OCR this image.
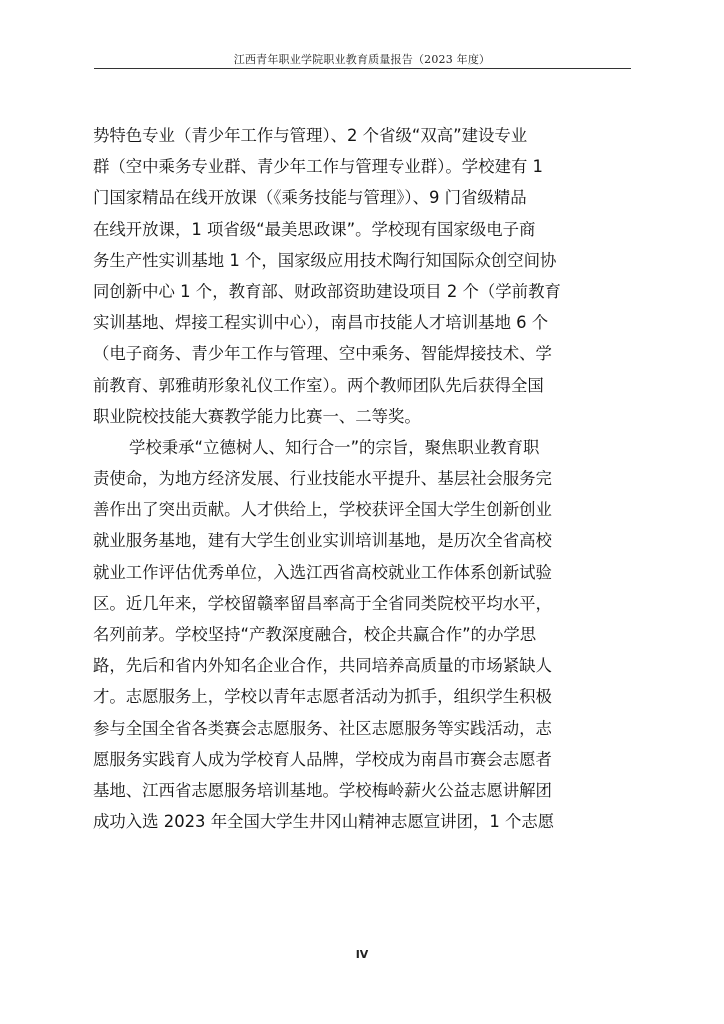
江西青年职业学院职业教育质量报告（2023 年度）
势特色专业（青少年工作与管理）、2 个省级“双高”建设专业
群（空中乘务专业群、青少年工作与管理专业群）。学校建有 1
门国家精品在线开放课（《乘务技能与管理》）、9 门省级精品
在线开放课，1 项省级“最美思政课”。学校现有国家级电子商
务生产性实训基地 1 个，国家级应用技术陶行知国际众创空间协
同创新中心 1 个，教育部、财政部资助建设项目 2 个（学前教育
实训基地、焊接工程实训中心），南昌市技能人才培训基地 6 个
（电子商务、青少年工作与管理、空中乘务、智能焊接技术、学
前教育、郭雅萌形象礼仪工作室）。两个教师团队先后获得全国
职业院校技能大赛教学能力比赛一、二等奖。
学校秉承“立德树人、知行合一”的宗旨，聚焦职业教育职
责使命，为地方经济发展、行业技能水平提升、基层社会服务完
善作出了突出贡献。人才供给上，学校获评全国大学生创新创业
就业服务基地，建有大学生创业实训培训基地，是历次全省高校
就业工作评估优秀单位，入选江西省高校就业工作体系创新试验
区。近几年来，学校留赣率留昌率高于全省同类院校平均水平，
名列前茅。学校坚持“产教深度融合，校企共赢合作”的办学思
路，先后和省内外知名企业合作，共同培养高质量的市场紧缺人
才。志愿服务上，学校以青年志愿者活动为抓手，组织学生积极
参与全国全省各类赛会志愿服务、社区志愿服务等实践活动，志
愿服务实践育人成为学校育人品牌，学校成为南昌市赛会志愿者
基地、江西省志愿服务培训基地。学校梅岭薪火公益志愿讲解团
成功入选 2023 年全国大学生井冈山精神志愿宣讲团，1 个志愿
IV
